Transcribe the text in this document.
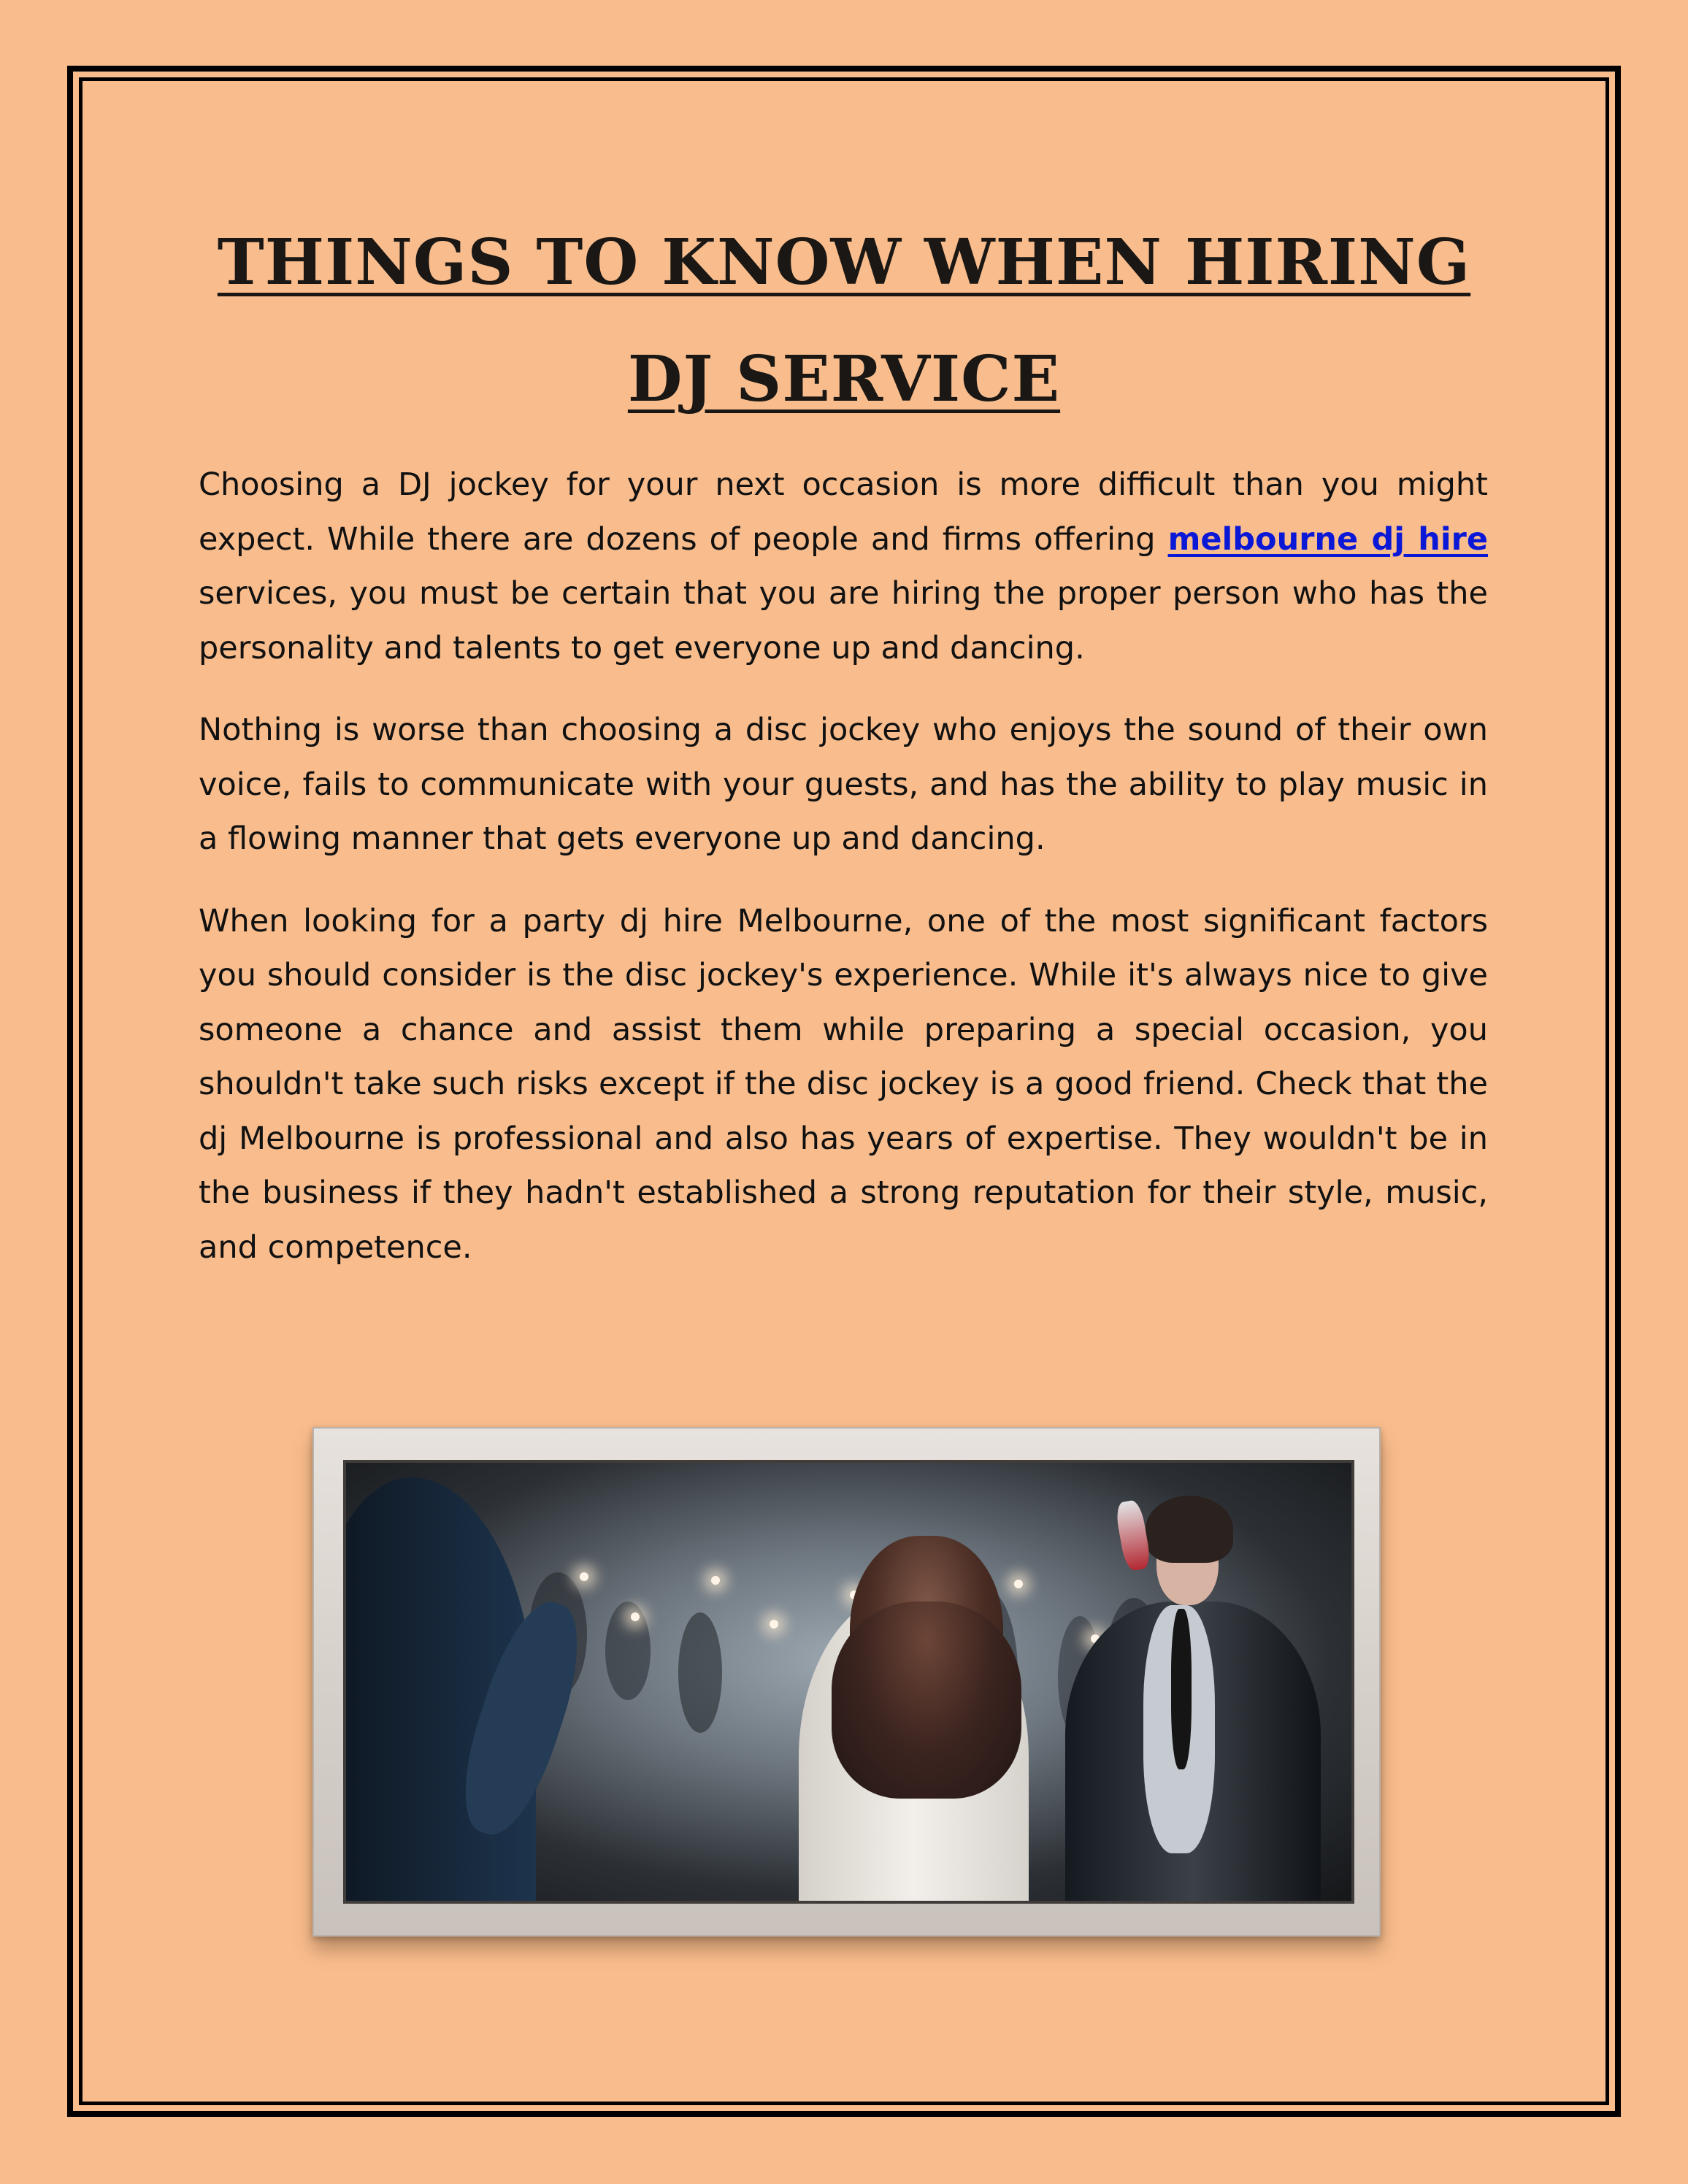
THINGS TO KNOW WHEN HIRING DJ SERVICE

Choosing a DJ jockey for your next occasion is more difficult than you might expect. While there are dozens of people and firms offering melbourne dj hire services, you must be certain that you are hiring the proper person who has the personality and talents to get everyone up and dancing.

Nothing is worse than choosing a disc jockey who enjoys the sound of their own voice, fails to communicate with your guests, and has the ability to play music in a flowing manner that gets everyone up and dancing.

When looking for a party dj hire Melbourne, one of the most significant factors you should consider is the disc jockey's experience. While it's always nice to give someone a chance and assist them while preparing a special occasion, you shouldn't take such risks except if the disc jockey is a good friend. Check that the dj Melbourne is professional and also has years of expertise. They wouldn't be in the business if they hadn't established a strong reputation for their style, music, and competence.
